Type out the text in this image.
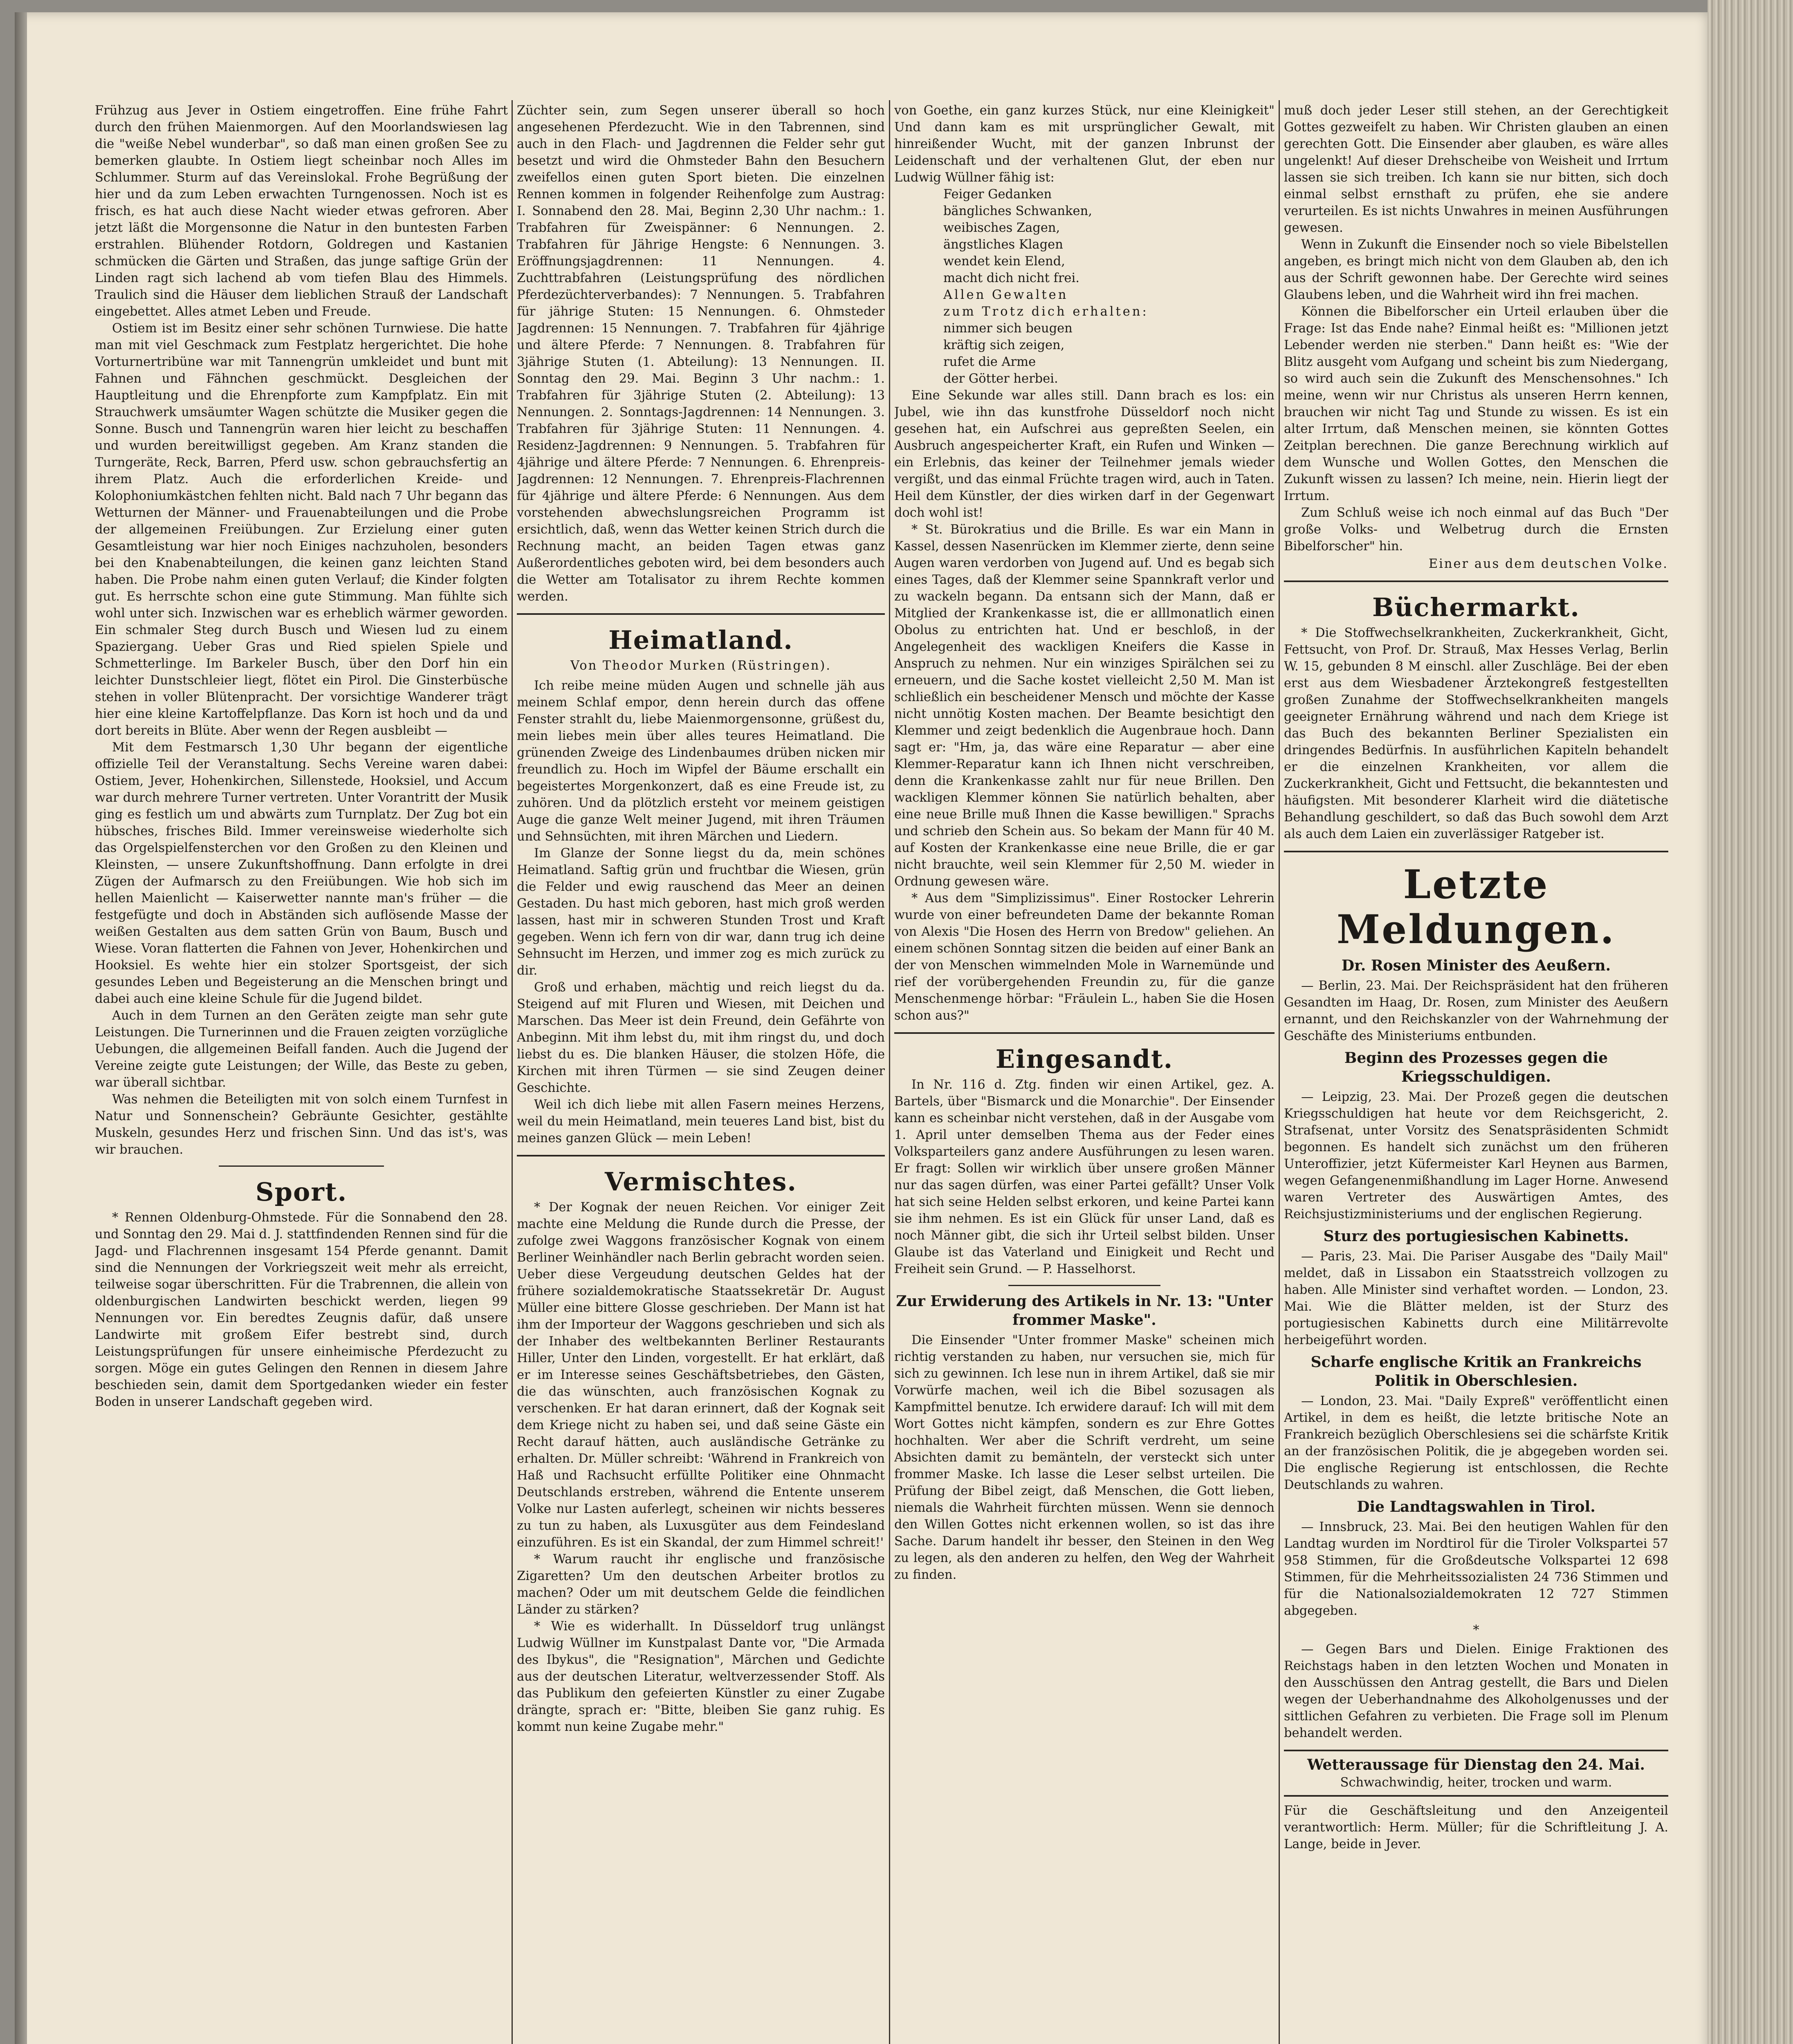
Frühzug aus Jever in Ostiem eingetroffen. Eine frühe Fahrt durch den frühen Maienmorgen. Auf den Moorlandswiesen lag die "weiße Nebel wunderbar", so daß man einen großen See zu bemerken glaubte. In Ostiem liegt scheinbar noch Alles im Schlummer. Sturm auf das Vereinslokal. Frohe Begrüßung der hier und da zum Leben erwachten Turngenossen. Noch ist es frisch, es hat auch diese Nacht wieder etwas gefroren. Aber jetzt läßt die Morgensonne die Natur in den buntesten Farben erstrahlen. Blühender Rotdorn, Goldregen und Kastanien schmücken die Gärten und Straßen, das junge saftige Grün der Linden ragt sich lachend ab vom tiefen Blau des Himmels. Traulich sind die Häuser dem lieblichen Strauß der Landschaft eingebettet. Alles atmet Leben und Freude.

Ostiem ist im Besitz einer sehr schönen Turnwiese. Die hatte man mit viel Geschmack zum Festplatz hergerichtet. Die hohe Vorturnertribüne war mit Tannengrün umkleidet und bunt mit Fahnen und Fähnchen geschmückt. Desgleichen der Hauptleitung und die Ehrenpforte zum Kampfplatz. Ein mit Strauchwerk umsäumter Wagen schützte die Musiker gegen die Sonne. Busch und Tannengrün waren hier leicht zu beschaffen und wurden bereitwilligst gegeben. Am Kranz standen die Turngeräte, Reck, Barren, Pferd usw. schon gebrauchsfertig an ihrem Platz. Auch die erforderlichen Kreide- und Kolophoniumkästchen fehlten nicht. Bald nach 7 Uhr begann das Wetturnen der Männer- und Frauenabteilungen und die Probe der allgemeinen Freiübungen. Zur Erzielung einer guten Gesamtleistung war hier noch Einiges nachzuholen, besonders bei den Knabenabteilungen, die keinen ganz leichten Stand haben. Die Probe nahm einen guten Verlauf; die Kinder folgten gut. Es herrschte schon eine gute Stimmung. Man fühlte sich wohl unter sich. Inzwischen war es erheblich wärmer geworden. Ein schmaler Steg durch Busch und Wiesen lud zu einem Spaziergang. Ueber Gras und Ried spielen Spiele und Schmetterlinge. Im Barkeler Busch, über den Dorf hin ein leichter Dunstschleier liegt, flötet ein Pirol. Die Ginsterbüsche stehen in voller Blütenpracht. Der vorsichtige Wanderer trägt hier eine kleine Kartoffelpflanze. Das Korn ist hoch und da und dort bereits in Blüte. Aber wenn der Regen ausbleibt —

Mit dem Festmarsch 1,30 Uhr begann der eigentliche offizielle Teil der Veranstaltung. Sechs Vereine waren dabei: Ostiem, Jever, Hohenkirchen, Sillenstede, Hooksiel, und Accum war durch mehrere Turner vertreten. Unter Vorantritt der Musik ging es festlich um und abwärts zum Turnplatz. Der Zug bot ein hübsches, frisches Bild. Immer vereinsweise wiederholte sich das Orgelspielfensterchen vor den Großen zu den Kleinen und Kleinsten, — unsere Zukunftshoffnung. Dann erfolgte in drei Zügen der Aufmarsch zu den Freiübungen. Wie hob sich im hellen Maienlicht — Kaiserwetter nannte man's früher — die festgefügte und doch in Abständen sich auflösende Masse der weißen Gestalten aus dem satten Grün von Baum, Busch und Wiese. Voran flatterten die Fahnen von Jever, Hohenkirchen und Hooksiel. Es wehte hier ein stolzer Sportsgeist, der sich gesundes Leben und Begeisterung an die Menschen bringt und dabei auch eine kleine Schule für die Jugend bildet.

Auch in dem Turnen an den Geräten zeigte man sehr gute Leistungen. Die Turnerinnen und die Frauen zeigten vorzügliche Uebungen, die allgemeinen Beifall fanden. Auch die Jugend der Vereine zeigte gute Leistungen; der Wille, das Beste zu geben, war überall sichtbar.

Was nehmen die Beteiligten mit von solch einem Turnfest in Natur und Sonnenschein? Gebräunte Gesichter, gestählte Muskeln, gesundes Herz und frischen Sinn. Und das ist's, was wir brauchen.

Sport.

* Rennen Oldenburg-Ohmstede. Für die Sonnabend den 28. und Sonntag den 29. Mai d. J. stattfindenden Rennen sind für die Jagd- und Flachrennen insgesamt 154 Pferde genannt. Damit sind die Nennungen der Vorkriegszeit weit mehr als erreicht, teilweise sogar überschritten. Für die Trabrennen, die allein von oldenburgischen Landwirten beschickt werden, liegen 99 Nennungen vor. Ein beredtes Zeugnis dafür, daß unsere Landwirte mit großem Eifer bestrebt sind, durch Leistungsprüfungen für unsere einheimische Pferdezucht zu sorgen. Möge ein gutes Gelingen den Rennen in diesem Jahre beschieden sein, damit dem Sportgedanken wieder ein fester Boden in unserer Landschaft gegeben wird.

Züchter sein, zum Segen unserer überall so hoch angesehenen Pferdezucht. Wie in den Tabrennen, sind auch in den Flach- und Jagdrennen die Felder sehr gut besetzt und wird die Ohmsteder Bahn den Besuchern zweifellos einen guten Sport bieten. Die einzelnen Rennen kommen in folgender Reihenfolge zum Austrag: I. Sonnabend den 28. Mai, Beginn 2,30 Uhr nachm.: 1. Trabfahren für Zweispänner: 6 Nennungen. 2. Trabfahren für Jährige Hengste: 6 Nennungen. 3. Eröffnungsjagdrennen: 11 Nennungen. 4. Zuchttrabfahren (Leistungsprüfung des nördlichen Pferdezüchterverbandes): 7 Nennungen. 5. Trabfahren für jährige Stuten: 15 Nennungen. 6. Ohmsteder Jagdrennen: 15 Nennungen. 7. Trabfahren für 4jährige und ältere Pferde: 7 Nennungen. 8. Trabfahren für 3jährige Stuten (1. Abteilung): 13 Nennungen. II. Sonntag den 29. Mai. Beginn 3 Uhr nachm.: 1. Trabfahren für 3jährige Stuten (2. Abteilung): 13 Nennungen. 2. Sonntags-Jagdrennen: 14 Nennungen. 3. Trabfahren für 3jährige Stuten: 11 Nennungen. 4. Residenz-Jagdrennen: 9 Nennungen. 5. Trabfahren für 4jährige und ältere Pferde: 7 Nennungen. 6. Ehrenpreis-Jagdrennen: 12 Nennungen. 7. Ehrenpreis-Flachrennen für 4jährige und ältere Pferde: 6 Nennungen. Aus dem vorstehenden abwechslungsreichen Programm ist ersichtlich, daß, wenn das Wetter keinen Strich durch die Rechnung macht, an beiden Tagen etwas ganz Außerordentliches geboten wird, bei dem besonders auch die Wetter am Totalisator zu ihrem Rechte kommen werden.

Heimatland.
Von Theodor Murken (Rüstringen).

Ich reibe meine müden Augen und schnelle jäh aus meinem Schlaf empor, denn herein durch das offene Fenster strahlt du, liebe Maienmorgensonne, grüßest du, mein liebes mein über alles teures Heimatland. Die grünenden Zweige des Lindenbaumes drüben nicken mir freundlich zu. Hoch im Wipfel der Bäume erschallt ein begeistertes Morgenkonzert, daß es eine Freude ist, zu zuhören. Und da plötzlich ersteht vor meinem geistigen Auge die ganze Welt meiner Jugend, mit ihren Träumen und Sehnsüchten, mit ihren Märchen und Liedern.

Im Glanze der Sonne liegst du da, mein schönes Heimatland. Saftig grün und fruchtbar die Wiesen, grün die Felder und ewig rauschend das Meer an deinen Gestaden. Du hast mich geboren, hast mich groß werden lassen, hast mir in schweren Stunden Trost und Kraft gegeben. Wenn ich fern von dir war, dann trug ich deine Sehnsucht im Herzen, und immer zog es mich zurück zu dir.

Groß und erhaben, mächtig und reich liegst du da. Steigend auf mit Fluren und Wiesen, mit Deichen und Marschen. Das Meer ist dein Freund, dein Gefährte von Anbeginn. Mit ihm lebst du, mit ihm ringst du, und doch liebst du es. Die blanken Häuser, die stolzen Höfe, die Kirchen mit ihren Türmen — sie sind Zeugen deiner Geschichte.

Weil ich dich liebe mit allen Fasern meines Herzens, weil du mein Heimatland, mein teueres Land bist, bist du meines ganzen Glück — mein Leben!

Vermischtes.

* Der Kognak der neuen Reichen. Vor einiger Zeit machte eine Meldung die Runde durch die Presse, der zufolge zwei Waggons französischer Kognak von einem Berliner Weinhändler nach Berlin gebracht worden seien. Ueber diese Vergeudung deutschen Geldes hat der frühere sozialdemokratische Staatssekretär Dr. August Müller eine bittere Glosse geschrieben. Der Mann ist hat ihm der Importeur der Waggons geschrieben und sich als der Inhaber des weltbekannten Berliner Restaurants Hiller, Unter den Linden, vorgestellt. Er hat erklärt, daß er im Interesse seines Geschäftsbetriebes, den Gästen, die das wünschten, auch französischen Kognak zu verschenken. Er hat daran erinnert, daß der Kognak seit dem Kriege nicht zu haben sei, und daß seine Gäste ein Recht darauf hätten, auch ausländische Getränke zu erhalten. Dr. Müller schreibt: 'Während in Frankreich von Haß und Rachsucht erfüllte Politiker eine Ohnmacht Deutschlands erstreben, während die Entente unserem Volke nur Lasten auferlegt, scheinen wir nichts besseres zu tun zu haben, als Luxusgüter aus dem Feindesland einzuführen. Es ist ein Skandal, der zum Himmel schreit!'

* Warum raucht ihr englische und französische Zigaretten? Um den deutschen Arbeiter brotlos zu machen? Oder um mit deutschem Gelde die feindlichen Länder zu stärken?

* Wie es widerhallt. In Düsseldorf trug unlängst Ludwig Wüllner im Kunstpalast Dante vor, "Die Armada des Ibykus", die "Resignation", Märchen und Gedichte aus der deutschen Literatur, weltverzessender Stoff. Als das Publikum den gefeierten Künstler zu einer Zugabe drängte, sprach er: "Bitte, bleiben Sie ganz ruhig. Es kommt nun keine Zugabe mehr."

von Goethe, ein ganz kurzes Stück, nur eine Kleinigkeit" Und dann kam es mit ursprünglicher Gewalt, mit hinreißender Wucht, mit der ganzen Inbrunst der Leidenschaft und der verhaltenen Glut, der eben nur Ludwig Wüllner fähig ist:

Feiger Gedanken
bängliches Schwanken,
weibisches Zagen,
ängstliches Klagen
wendet kein Elend,
macht dich nicht frei.
Allen Gewalten
zum Trotz dich erhalten:
nimmer sich beugen
kräftig sich zeigen,
rufet die Arme
der Götter herbei.

Eine Sekunde war alles still. Dann brach es los: ein Jubel, wie ihn das kunstfrohe Düsseldorf noch nicht gesehen hat, ein Aufschrei aus gepreßten Seelen, ein Ausbruch angespeicherter Kraft, ein Rufen und Winken — ein Erlebnis, das keiner der Teilnehmer jemals wieder vergißt, und das einmal Früchte tragen wird, auch in Taten. Heil dem Künstler, der dies wirken darf in der Gegenwart doch wohl ist!

* St. Bürokratius und die Brille. Es war ein Mann in Kassel, dessen Nasenrücken im Klemmer zierte, denn seine Augen waren verdorben von Jugend auf. Und es begab sich eines Tages, daß der Klemmer seine Spannkraft verlor und zu wackeln begann. Da entsann sich der Mann, daß er Mitglied der Krankenkasse ist, die er alllmonatlich einen Obolus zu entrichten hat. Und er beschloß, in der Angelegenheit des wackligen Kneifers die Kasse in Anspruch zu nehmen. Nur ein winziges Spirälchen sei zu erneuern, und die Sache kostet vielleicht 2,50 M. Man ist schließlich ein bescheidener Mensch und möchte der Kasse nicht unnötig Kosten machen. Der Beamte besichtigt den Klemmer und zeigt bedenklich die Augenbraue hoch. Dann sagt er: "Hm, ja, das wäre eine Reparatur — aber eine Klemmer-Reparatur kann ich Ihnen nicht verschreiben, denn die Krankenkasse zahlt nur für neue Brillen. Den wackligen Klemmer können Sie natürlich behalten, aber eine neue Brille muß Ihnen die Kasse bewilligen." Sprachs und schrieb den Schein aus. So bekam der Mann für 40 M. auf Kosten der Krankenkasse eine neue Brille, die er gar nicht brauchte, weil sein Klemmer für 2,50 M. wieder in Ordnung gewesen wäre.

* Aus dem "Simplizissimus". Einer Rostocker Lehrerin wurde von einer befreundeten Dame der bekannte Roman von Alexis "Die Hosen des Herrn von Bredow" geliehen. An einem schönen Sonntag sitzen die beiden auf einer Bank an der von Menschen wimmelnden Mole in Warnemünde und rief der vorübergehenden Freundin zu, für die ganze Menschenmenge hörbar: "Fräulein L., haben Sie die Hosen schon aus?"

Eingesandt.

In Nr. 116 d. Ztg. finden wir einen Artikel, gez. A. Bartels, über "Bismarck und die Monarchie". Der Einsender kann es scheinbar nicht verstehen, daß in der Ausgabe vom 1. April unter demselben Thema aus der Feder eines Volksparteilers ganz andere Ausführungen zu lesen waren. Er fragt: Sollen wir wirklich über unsere großen Männer nur das sagen dürfen, was einer Partei gefällt? Unser Volk hat sich seine Helden selbst erkoren, und keine Partei kann sie ihm nehmen. Es ist ein Glück für unser Land, daß es noch Männer gibt, die sich ihr Urteil selbst bilden. Unser Glaube ist das Vaterland und Einigkeit und Recht und Freiheit sein Grund. — P. Hasselhorst.

Zur Erwiderung des Artikels in Nr. 13: "Unter frommer Maske".

Die Einsender "Unter frommer Maske" scheinen mich richtig verstanden zu haben, nur versuchen sie, mich für sich zu gewinnen. Ich lese nun in ihrem Artikel, daß sie mir Vorwürfe machen, weil ich die Bibel sozusagen als Kampfmittel benutze. Ich erwidere darauf: Ich will mit dem Wort Gottes nicht kämpfen, sondern es zur Ehre Gottes hochhalten. Wer aber die Schrift verdreht, um seine Absichten damit zu bemänteln, der versteckt sich unter frommer Maske. Ich lasse die Leser selbst urteilen. Die Prüfung der Bibel zeigt, daß Menschen, die Gott lieben, niemals die Wahrheit fürchten müssen. Wenn sie dennoch den Willen Gottes nicht erkennen wollen, so ist das ihre Sache. Darum handelt ihr besser, den Steinen in den Weg zu legen, als den anderen zu helfen, den Weg der Wahrheit zu finden.

muß doch jeder Leser still stehen, an der Gerechtigkeit Gottes gezweifelt zu haben. Wir Christen glauben an einen gerechten Gott. Die Einsender aber glauben, es wäre alles ungelenkt! Auf dieser Drehscheibe von Weisheit und Irrtum lassen sie sich treiben. Ich kann sie nur bitten, sich doch einmal selbst ernsthaft zu prüfen, ehe sie andere verurteilen. Es ist nichts Unwahres in meinen Ausführungen gewesen.

Wenn in Zukunft die Einsender noch so viele Bibelstellen angeben, es bringt mich nicht von dem Glauben ab, den ich aus der Schrift gewonnen habe. Der Gerechte wird seines Glaubens leben, und die Wahrheit wird ihn frei machen.

Können die Bibelforscher ein Urteil erlauben über die Frage: Ist das Ende nahe? Einmal heißt es: "Millionen jetzt Lebender werden nie sterben." Dann heißt es: "Wie der Blitz ausgeht vom Aufgang und scheint bis zum Niedergang, so wird auch sein die Zukunft des Menschensohnes." Ich meine, wenn wir nur Christus als unseren Herrn kennen, brauchen wir nicht Tag und Stunde zu wissen. Es ist ein alter Irrtum, daß Menschen meinen, sie könnten Gottes Zeitplan berechnen. Die ganze Berechnung wirklich auf dem Wunsche und Wollen Gottes, den Menschen die Zukunft wissen zu lassen? Ich meine, nein. Hierin liegt der Irrtum.

Zum Schluß weise ich noch einmal auf das Buch "Der große Volks- und Welbetrug durch die Ernsten Bibelforscher" hin.

Einer aus dem deutschen Volke.
Büchermarkt.

* Die Stoffwechselkrankheiten, Zuckerkrankheit, Gicht, Fettsucht, von Prof. Dr. Strauß, Max Hesses Verlag, Berlin W. 15, gebunden 8 M einschl. aller Zuschläge. Bei der eben erst aus dem Wiesbadener Ärztekongreß festgestellten großen Zunahme der Stoffwechselkrankheiten mangels geeigneter Ernährung während und nach dem Kriege ist das Buch des bekannten Berliner Spezialisten ein dringendes Bedürfnis. In ausführlichen Kapiteln behandelt er die einzelnen Krankheiten, vor allem die Zuckerkrankheit, Gicht und Fettsucht, die bekanntesten und häufigsten. Mit besonderer Klarheit wird die diätetische Behandlung geschildert, so daß das Buch sowohl dem Arzt als auch dem Laien ein zuverlässiger Ratgeber ist.

Letzte Meldungen.
Dr. Rosen Minister des Aeußern.

— Berlin, 23. Mai. Der Reichspräsident hat den früheren Gesandten im Haag, Dr. Rosen, zum Minister des Aeußern ernannt, und den Reichskanzler von der Wahrnehmung der Geschäfte des Ministeriums entbunden.

Beginn des Prozesses gegen die Kriegsschuldigen.

— Leipzig, 23. Mai. Der Prozeß gegen die deutschen Kriegsschuldigen hat heute vor dem Reichsgericht, 2. Strafsenat, unter Vorsitz des Senatspräsidenten Schmidt begonnen. Es handelt sich zunächst um den früheren Unteroffizier, jetzt Küfermeister Karl Heynen aus Barmen, wegen Gefangenenmißhandlung im Lager Horne. Anwesend waren Vertreter des Auswärtigen Amtes, des Reichsjustizministeriums und der englischen Regierung.

Sturz des portugiesischen Kabinetts.

— Paris, 23. Mai. Die Pariser Ausgabe des "Daily Mail" meldet, daß in Lissabon ein Staatsstreich vollzogen zu haben. Alle Minister sind verhaftet worden. — London, 23. Mai. Wie die Blätter melden, ist der Sturz des portugiesischen Kabinetts durch eine Militärrevolte herbeigeführt worden.

Scharfe englische Kritik an Frankreichs Politik in Oberschlesien.

— London, 23. Mai. "Daily Expreß" veröffentlicht einen Artikel, in dem es heißt, die letzte britische Note an Frankreich bezüglich Oberschlesiens sei die schärfste Kritik an der französischen Politik, die je abgegeben worden sei. Die englische Regierung ist entschlossen, die Rechte Deutschlands zu wahren.

Die Landtagswahlen in Tirol.

— Innsbruck, 23. Mai. Bei den heutigen Wahlen für den Landtag wurden im Nordtirol für die Tiroler Volkspartei 57 958 Stimmen, für die Großdeutsche Volkspartei 12 698 Stimmen, für die Mehrheitssozialisten 24 736 Stimmen und für die Nationalsozialdemokraten 12 727 Stimmen abgegeben.

*

— Gegen Bars und Dielen. Einige Fraktionen des Reichstags haben in den letzten Wochen und Monaten in den Ausschüssen den Antrag gestellt, die Bars und Dielen wegen der Ueberhandnahme des Alkoholgenusses und der sittlichen Gefahren zu verbieten. Die Frage soll im Plenum behandelt werden.

Wetteraussage für Dienstag den 24. Mai.
Schwachwindig, heiter, trocken und warm.

Für die Geschäftsleitung und den Anzeigenteil verantwortlich: Herm. Müller; für die Schriftleitung J. A. Lange, beide in Jever.
